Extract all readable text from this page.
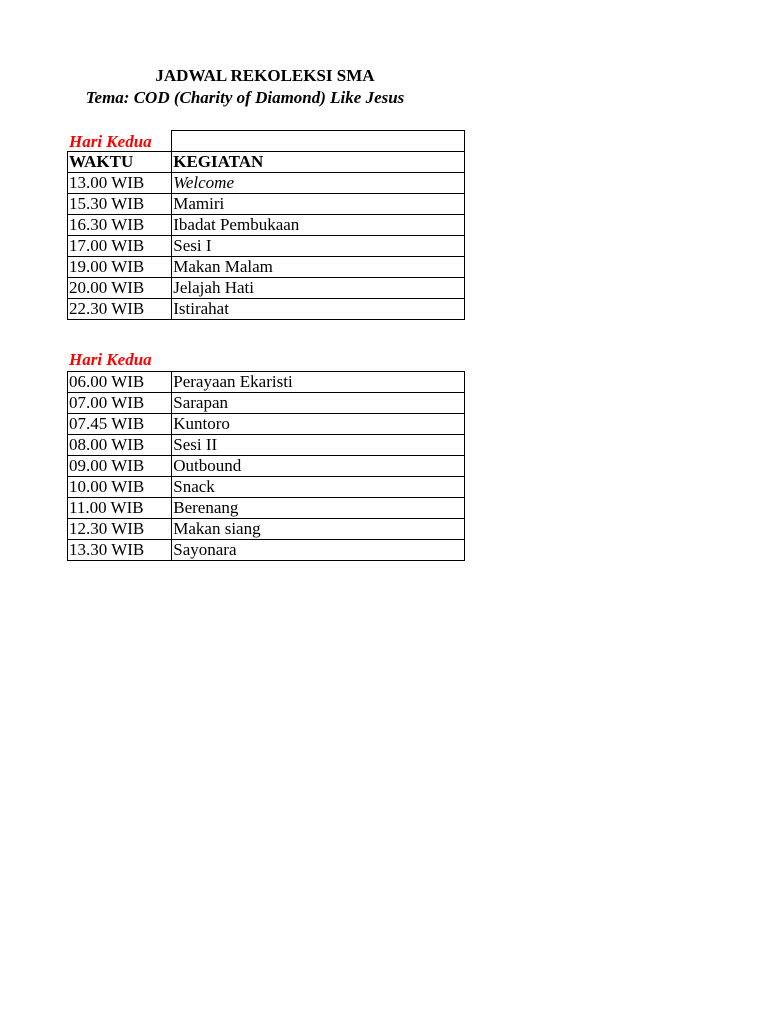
JADWAL REKOLEKSI SMA
Tema: COD (Charity of Diamond) Like Jesus
Hari Kedua

WAKTU	KEGIATAN
13.00 WIB	Welcome
15.30 WIB	Mamiri
16.30 WIB	Ibadat Pembukaan
17.00 WIB	Sesi I
19.00 WIB	Makan Malam
20.00 WIB	Jelajah Hati
22.30 WIB	Istirahat
Hari Kedua
06.00 WIB	Perayaan Ekaristi
07.00 WIB	Sarapan
07.45 WIB	Kuntoro
08.00 WIB	Sesi II
09.00 WIB	Outbound
10.00 WIB	Snack
11.00 WIB	Berenang
12.30 WIB	Makan siang
13.30 WIB	Sayonara
